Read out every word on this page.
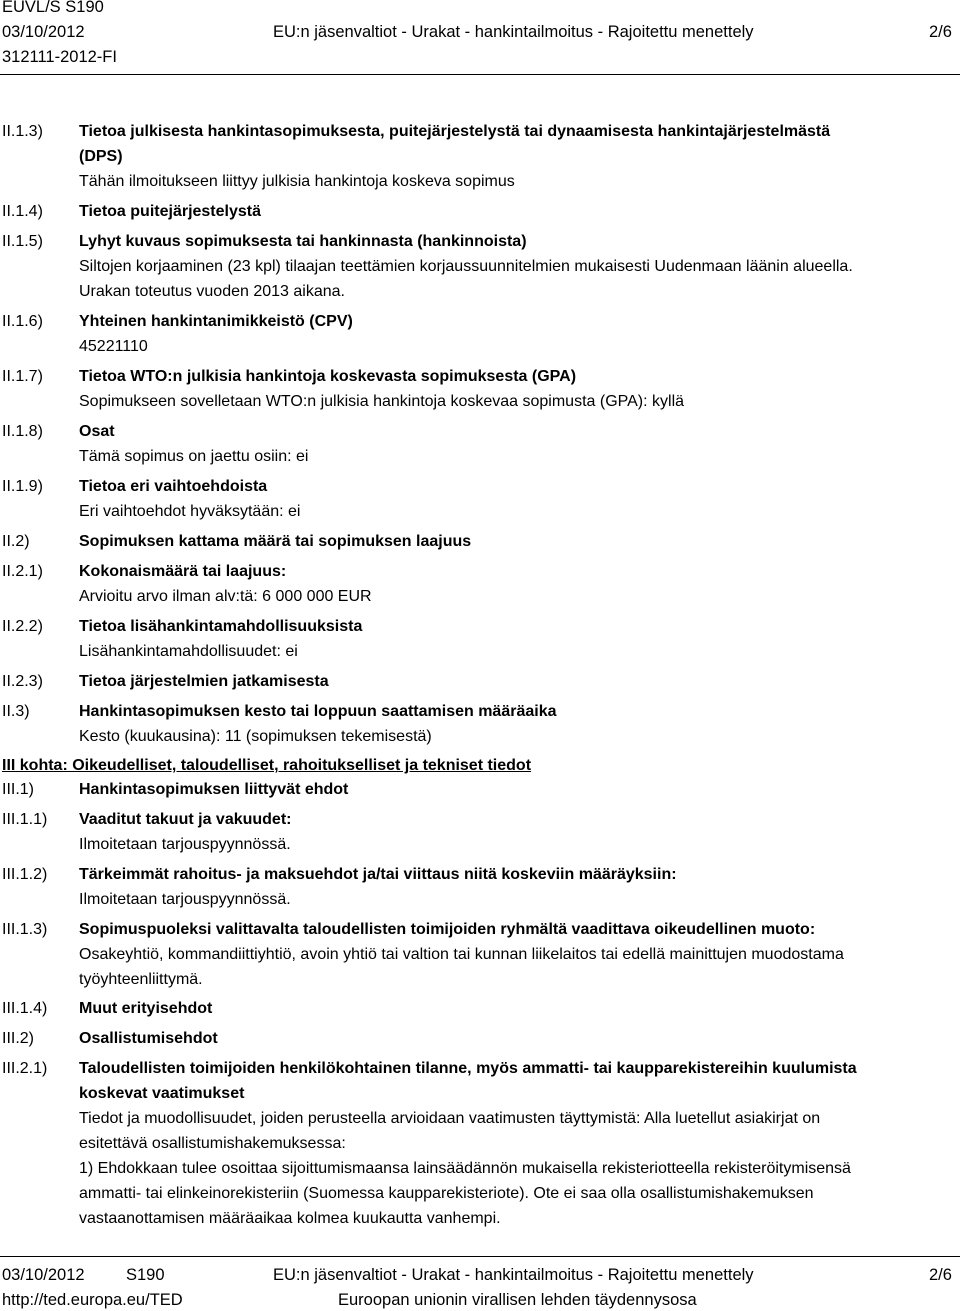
EUVL/S S190
03/10/2012	EU:n jäsenvaltiot - Urakat - hankintailmoitus - Rajoitettu menettely	2/6
312111-2012-FI
II.1.3) Tietoa julkisesta hankintasopimuksesta, puitejärjestelystä tai dynaamisesta hankintajärjestelmästä
(DPS)
Tähän ilmoitukseen liittyy julkisia hankintoja koskeva sopimus
II.1.4) Tietoa puitejärjestelystä
II.1.5) Lyhyt kuvaus sopimuksesta tai hankinnasta (hankinnoista)
Siltojen korjaaminen (23 kpl) tilaajan teettämien korjaussuunnitelmien mukaisesti Uudenmaan läänin alueella.
Urakan toteutus vuoden 2013 aikana.
II.1.6) Yhteinen hankintanimikkeistö (CPV)
45221110
II.1.7) Tietoa WTO:n julkisia hankintoja koskevasta sopimuksesta (GPA)
Sopimukseen sovelletaan WTO:n julkisia hankintoja koskevaa sopimusta (GPA): kyllä
II.1.8) Osat
Tämä sopimus on jaettu osiin: ei
II.1.9) Tietoa eri vaihtoehdoista
Eri vaihtoehdot hyväksytään: ei
II.2)	Sopimuksen kattama määrä tai sopimuksen laajuus
II.2.1) Kokonaismäärä tai laajuus:
Arvioitu arvo ilman alv:tä: 6 000 000 EUR
II.2.2) Tietoa lisähankintamahdollisuuksista
Lisähankintamahdollisuudet: ei
II.2.3) Tietoa järjestelmien jatkamisesta
II.3)	Hankintasopimuksen kesto tai loppuun saattamisen määräaika
Kesto (kuukausina): 11 (sopimuksen tekemisestä)
III kohta: Oikeudelliset, taloudelliset, rahoitukselliset ja tekniset tiedot
III.1)	Hankintasopimuksen liittyvät ehdot
III.1.1) Vaaditut takuut ja vakuudet:
Ilmoitetaan tarjouspyynnössä.
III.1.2) Tärkeimmät rahoitus- ja maksuehdot ja/tai viittaus niitä koskeviin määräyksiin:
Ilmoitetaan tarjouspyynnössä.
III.1.3) Sopimuspuoleksi valittavalta taloudellisten toimijoiden ryhmältä vaadittava oikeudellinen muoto:
Osakeyhtiö, kommandiittiyhtiö, avoin yhtiö tai valtion tai kunnan liikelaitos tai edellä mainittujen muodostama
työyhteenliittymä.
III.1.4) Muut erityisehdot
III.2)	Osallistumisehdot
III.2.1) Taloudellisten toimijoiden henkilökohtainen tilanne, myös ammatti- tai kaupparekistereihin kuulumista
koskevat vaatimukset
Tiedot ja muodollisuudet, joiden perusteella arvioidaan vaatimusten täyttymistä: Alla luetellut asiakirjat on
esitettävä osallistumishakemuksessa:
1) Ehdokkaan tulee osoittaa sijoittumismaansa lainsäädännön mukaisella rekisteriotteella rekisteröitymisensä
ammatti- tai elinkeinorekisteriin (Suomessa kaupparekisteriote). Ote ei saa olla osallistumishakemuksen
vastaanottamisen määräaikaa kolmea kuukautta vanhempi.
03/10/2012	S190	EU:n jäsenvaltiot - Urakat - hankintailmoitus - Rajoitettu menettely	2/6
http://ted.europa.eu/TED	Euroopan unionin virallisen lehden täydennysosa
